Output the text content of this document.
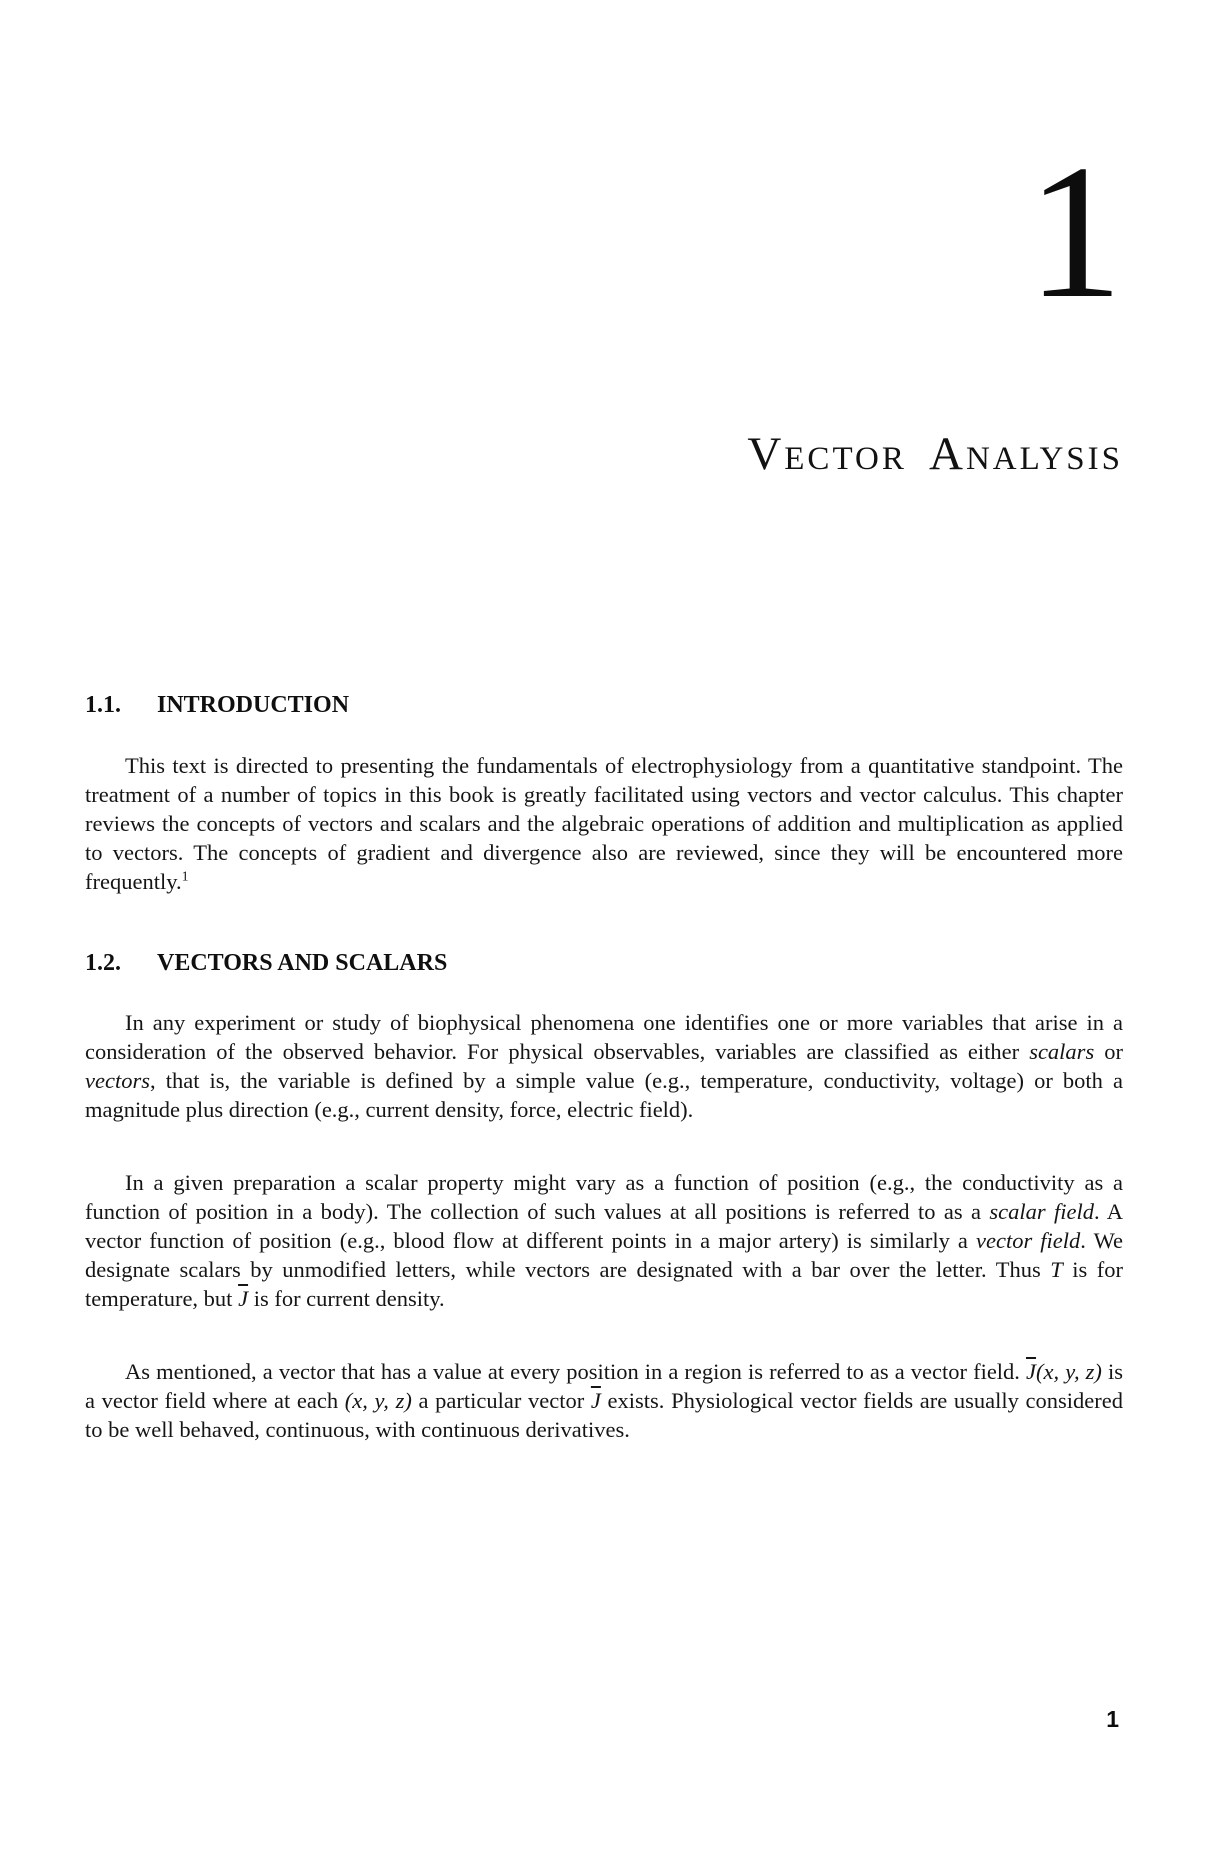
1
Vector Analysis
1.1. INTRODUCTION

This text is directed to presenting the fundamentals of electrophysiology from a quantitative standpoint. The treatment of a number of topics in this book is greatly facilitated using vectors and vector calculus. This chapter reviews the concepts of vectors and scalars and the algebraic operations of addition and multiplication as applied to vectors. The concepts of gradient and divergence also are reviewed, since they will be encountered more frequently.$^1$

1.2. VECTORS AND SCALARS

In any experiment or study of biophysical phenomena one identifies one or more variables that arise in a consideration of the observed behavior. For physical observables, variables are classified as either scalars or vectors, that is, the variable is defined by a simple value (e.g., temperature, conductivity, voltage) or both a magnitude plus direction (e.g., current density, force, electric field).

In a given preparation a scalar property might vary as a function of position (e.g., the conductivity as a function of position in a body). The collection of such values at all positions is referred to as a scalar field. A vector function of position (e.g., blood flow at different points in a major artery) is similarly a vector field. We designate scalars by unmodified letters, while vectors are designated with a bar over the letter. Thus T is for temperature, but $\overline{J}$ is for current density.

As mentioned, a vector that has a value at every position in a region is referred to as a vector field. $\overline{J}(x$, y, z) is a vector field where at each (x, y, z) a particular vector $\overline{J}$ exists. Physiological vector fields are usually considered to be well behaved, continuous, with continuous derivatives.

1
